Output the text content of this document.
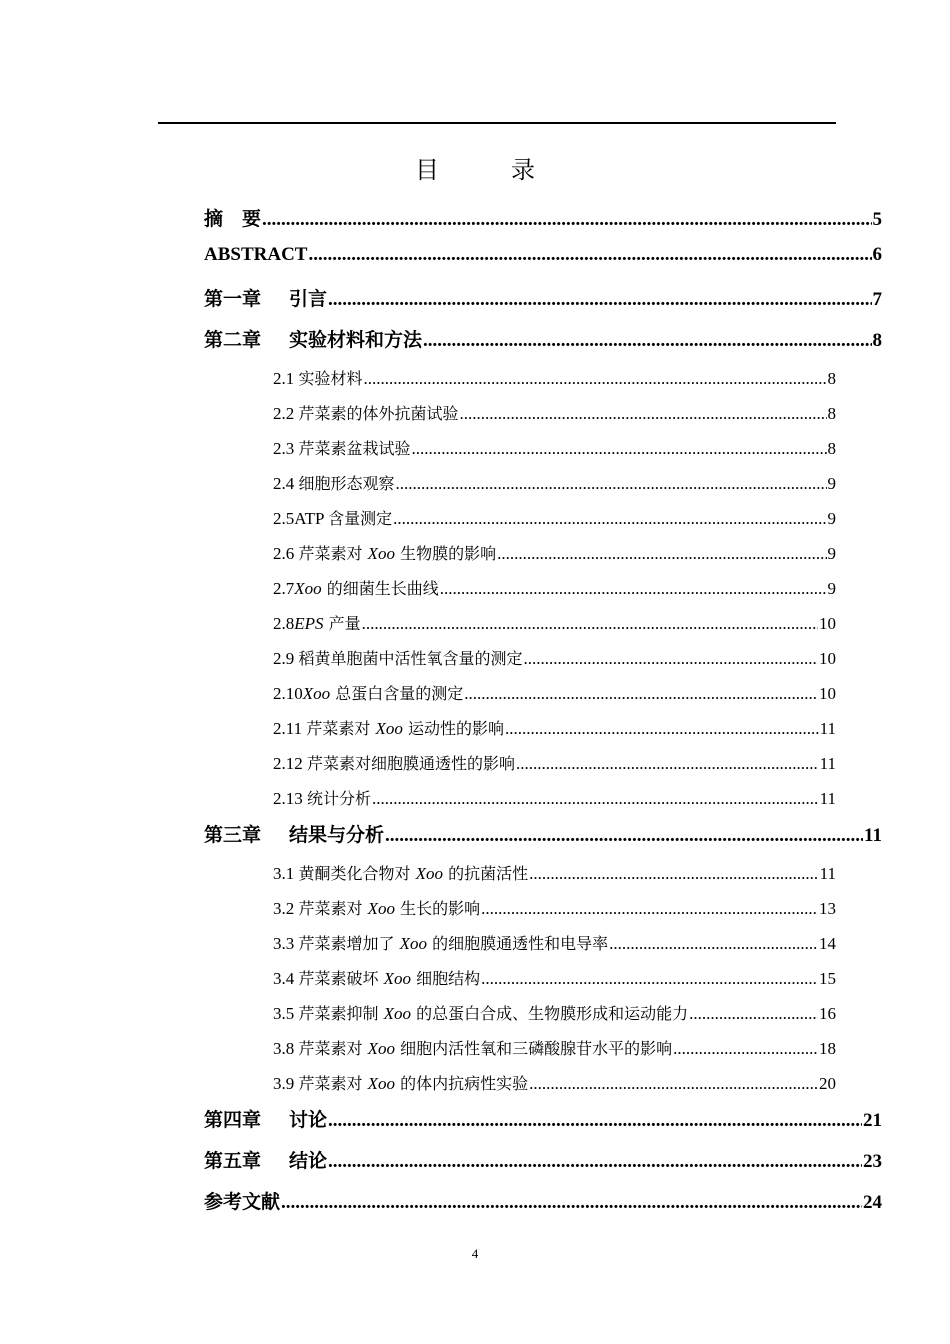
目　录
摘　要 .....	5
ABSTRACT .....	6
第一章 引言 .....	7
第二章 实验材料和方法 .....	8
2.1 实验材料 .....	8
2.2 芹菜素的体外抗菌试验 .....	8
2.3 芹菜素盆栽试验 .....	8
2.4 细胞形态观察 .....	9
2.5ATP 含量测定 .....	9
2.6 芹菜素对 Xoo 生物膜的影响 .....	9
2.7Xoo 的细菌生长曲线 .....	9
2.8EPS 产量 .....	10
2.9 稻黄单胞菌中活性氧含量的测定 .....	10
2.10Xoo 总蛋白含量的测定 .....	10
2.11 芹菜素对 Xoo 运动性的影响 .....	11
2.12 芹菜素对细胞膜通透性的影响 .....	11
2.13 统计分析 .....	11
第三章 结果与分析 .....	11
3.1 黄酮类化合物对 Xoo 的抗菌活性 .....	11
3.2 芹菜素对 Xoo 生长的影响 .....	13
3.3 芹菜素增加了 Xoo 的细胞膜通透性和电导率 .....	14
3.4 芹菜素破坏 Xoo 细胞结构 .....	15
3.5 芹菜素抑制 Xoo 的总蛋白合成、生物膜形成和运动能力 .....	16
3.8 芹菜素对 Xoo 细胞内活性氧和三磷酸腺苷水平的影响 .....	18
3.9 芹菜素对 Xoo 的体内抗病性实验 .....	20
第四章 讨论 .....	21
第五章 结论 .....	23
参考文献 .....	24
4
